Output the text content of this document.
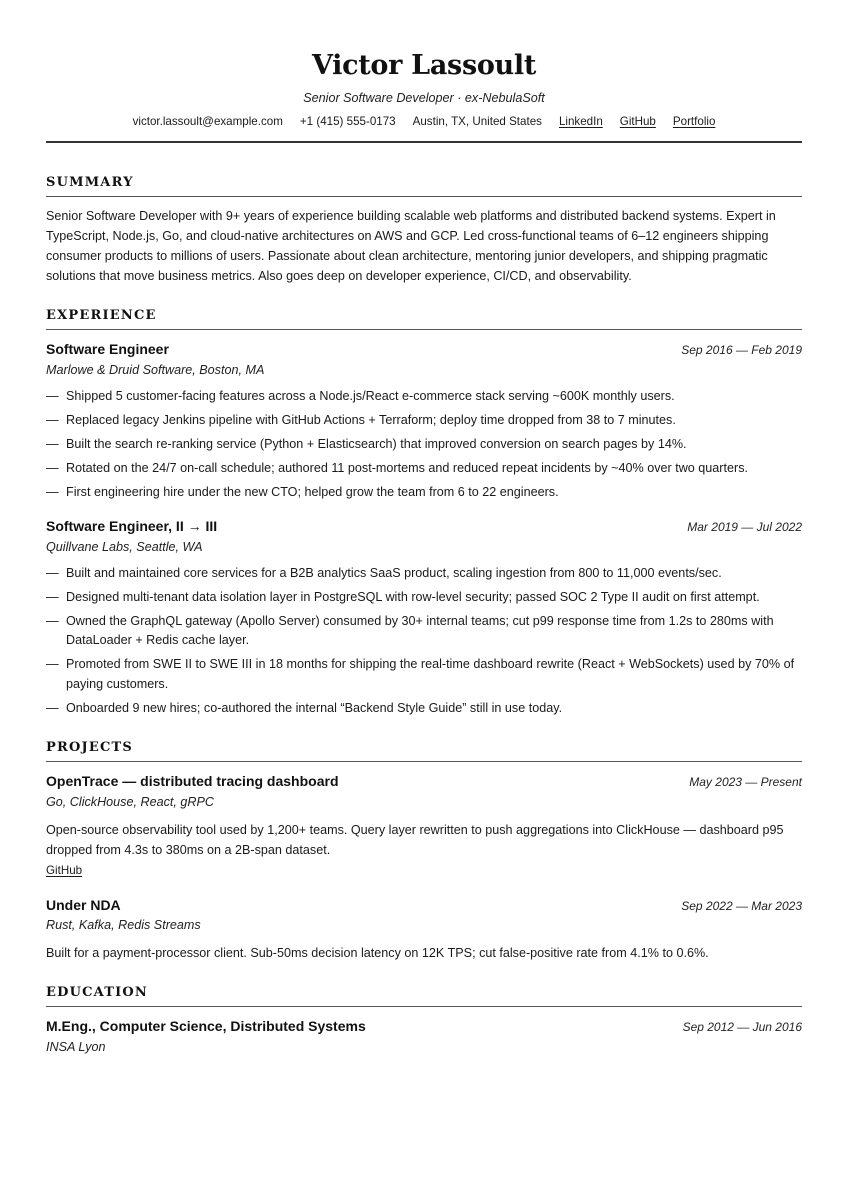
Victor Lassoult
Senior Software Developer · ex-NebulaSoft
victor.lassoult@example.com +1 (415) 555-0173 Austin, TX, United States LinkedIn GitHub Portfolio
SUMMARY

Senior Software Developer with 9+ years of experience building scalable web platforms and distributed backend systems. Expert in TypeScript, Node.js, Go, and cloud-native architectures on AWS and GCP. Led cross-functional teams of 6–12 engineers shipping consumer products to millions of users. Passionate about clean architecture, mentoring junior developers, and shipping pragmatic solutions that move business metrics. Also goes deep on developer experience, CI/CD, and observability.

EXPERIENCE
Software Engineer	Sep 2016 — Feb 2019
Marlowe & Druid Software, Boston, MA
— Shipped 5 customer-facing features across a Node.js/React e-commerce stack serving ~600K monthly users.
— Replaced legacy Jenkins pipeline with GitHub Actions + Terraform; deploy time dropped from 38 to 7 minutes.
— Built the search re-ranking service (Python + Elasticsearch) that improved conversion on search pages by 14%.
— Rotated on the 24/7 on-call schedule; authored 11 post-mortems and reduced repeat incidents by ~40% over two quarters.
— First engineering hire under the new CTO; helped grow the team from 6 to 22 engineers.
Software Engineer, II → III	Mar 2019 — Jul 2022
Quillvane Labs, Seattle, WA
— Built and maintained core services for a B2B analytics SaaS product, scaling ingestion from 800 to 11,000 events/sec.
— Designed multi-tenant data isolation layer in PostgreSQL with row-level security; passed SOC 2 Type II audit on first attempt.
— Owned the GraphQL gateway (Apollo Server) consumed by 30+ internal teams; cut p99 response time from 1.2s to 280ms with DataLoader + Redis cache layer.
— Promoted from SWE II to SWE III in 18 months for shipping the real-time dashboard rewrite (React + WebSockets) used by 70% of paying customers.
— Onboarded 9 new hires; co-authored the internal “Backend Style Guide” still in use today.
PROJECTS
OpenTrace — distributed tracing dashboard	May 2023 — Present
Go, ClickHouse, React, gRPC

Open-source observability tool used by 1,200+ teams. Query layer rewritten to push aggregations into ClickHouse — dashboard p95 dropped from 4.3s to 380ms on a 2B-span dataset.

GitHub
Under NDA	Sep 2022 — Mar 2023
Rust, Kafka, Redis Streams

Built for a payment-processor client. Sub-50ms decision latency on 12K TPS; cut false-positive rate from 4.1% to 0.6%.

EDUCATION
M.Eng., Computer Science, Distributed Systems	Sep 2012 — Jun 2016
INSA Lyon
